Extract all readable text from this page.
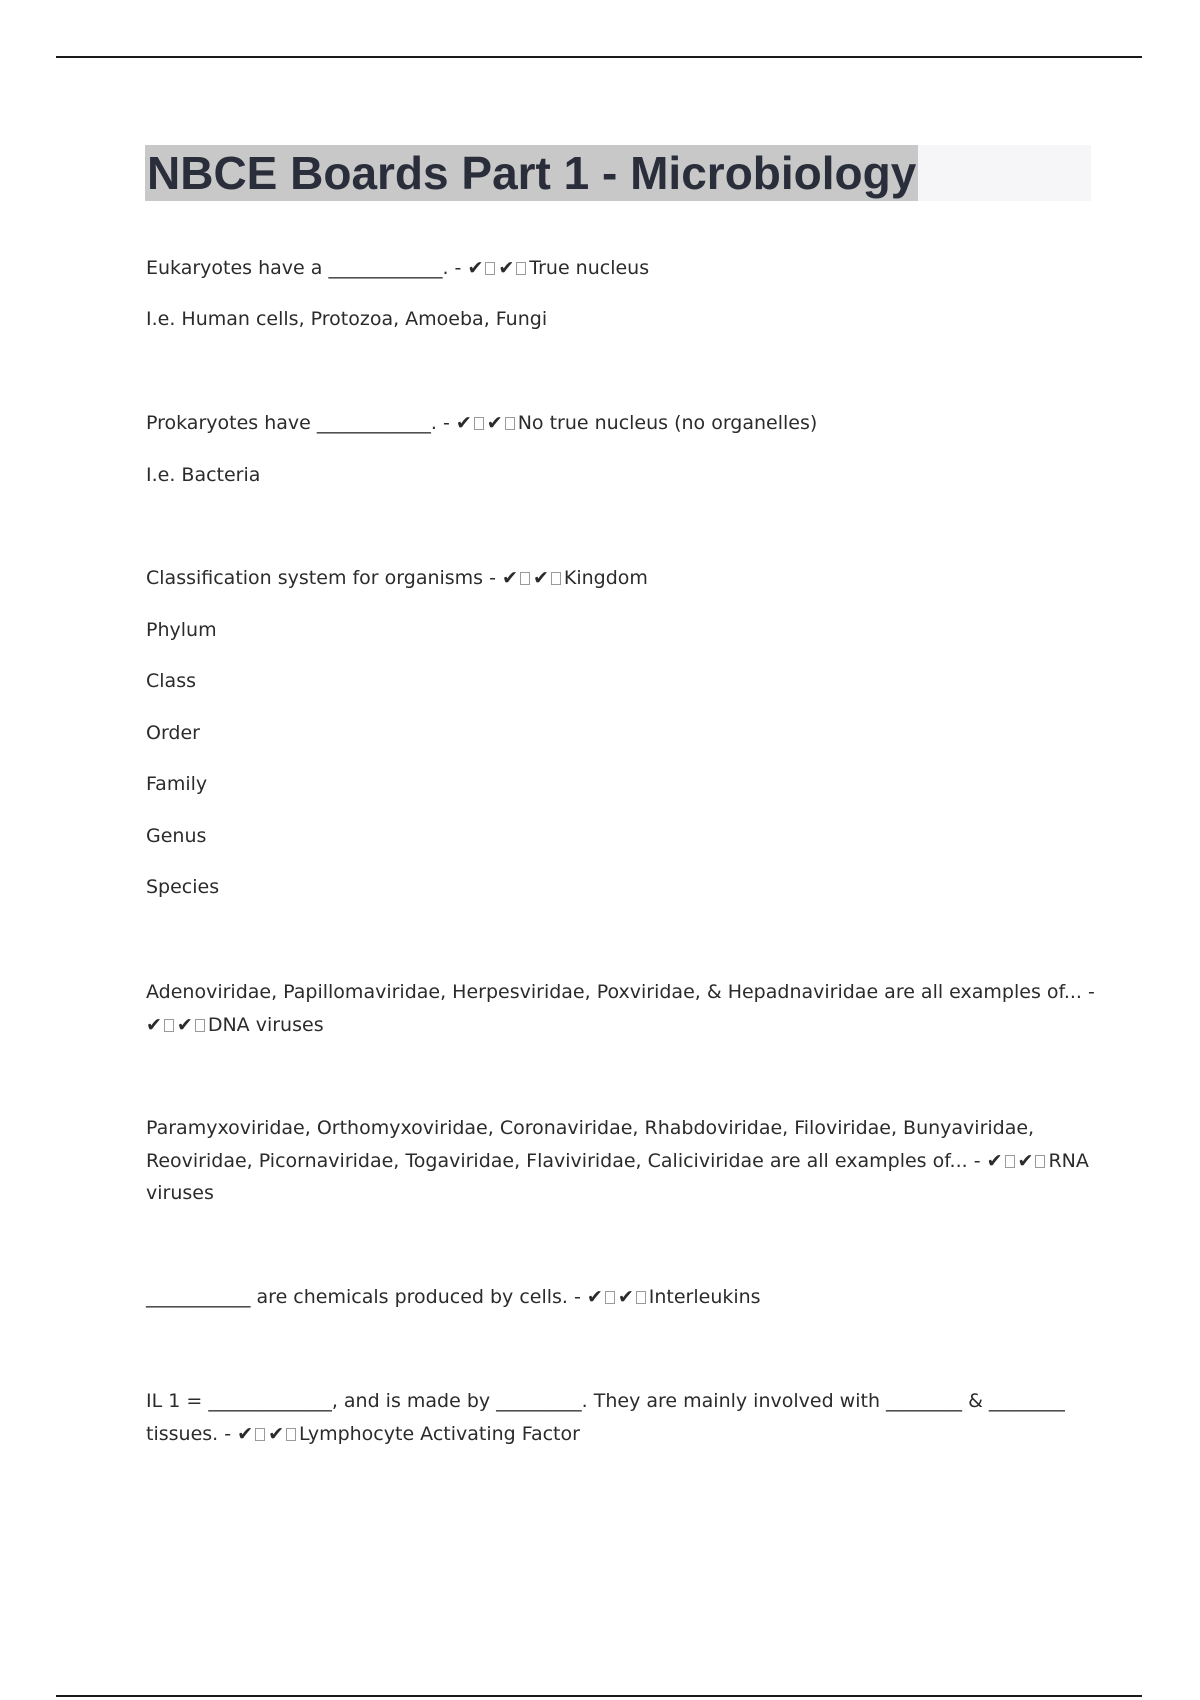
NBCE Boards Part 1 - Microbiology
Eukaryotes have a ____________. - ✔ ✔ True nucleus
I.e. Human cells, Protozoa, Amoeba, Fungi
Prokaryotes have ____________. - ✔ ✔ No true nucleus (no organelles)
I.e. Bacteria
Classification system for organisms - ✔ ✔ Kingdom
Phylum
Class
Order
Family
Genus
Species
Adenoviridae, Papillomaviridae, Herpesviridae, Poxviridae, & Hepadnaviridae are all examples of... - ✔ ✔ DNA viruses
Paramyxoviridae, Orthomyxoviridae, Coronaviridae, Rhabdoviridae, Filoviridae, Bunyaviridae, Reoviridae, Picornaviridae, Togaviridae, Flaviviridae, Caliciviridae are all examples of... - ✔ ✔ RNA viruses
___________ are chemicals produced by cells. - ✔ ✔ Interleukins
IL 1 = _____________, and is made by _________. They are mainly involved with ________ & ________ tissues. - ✔ ✔ Lymphocyte Activating Factor
